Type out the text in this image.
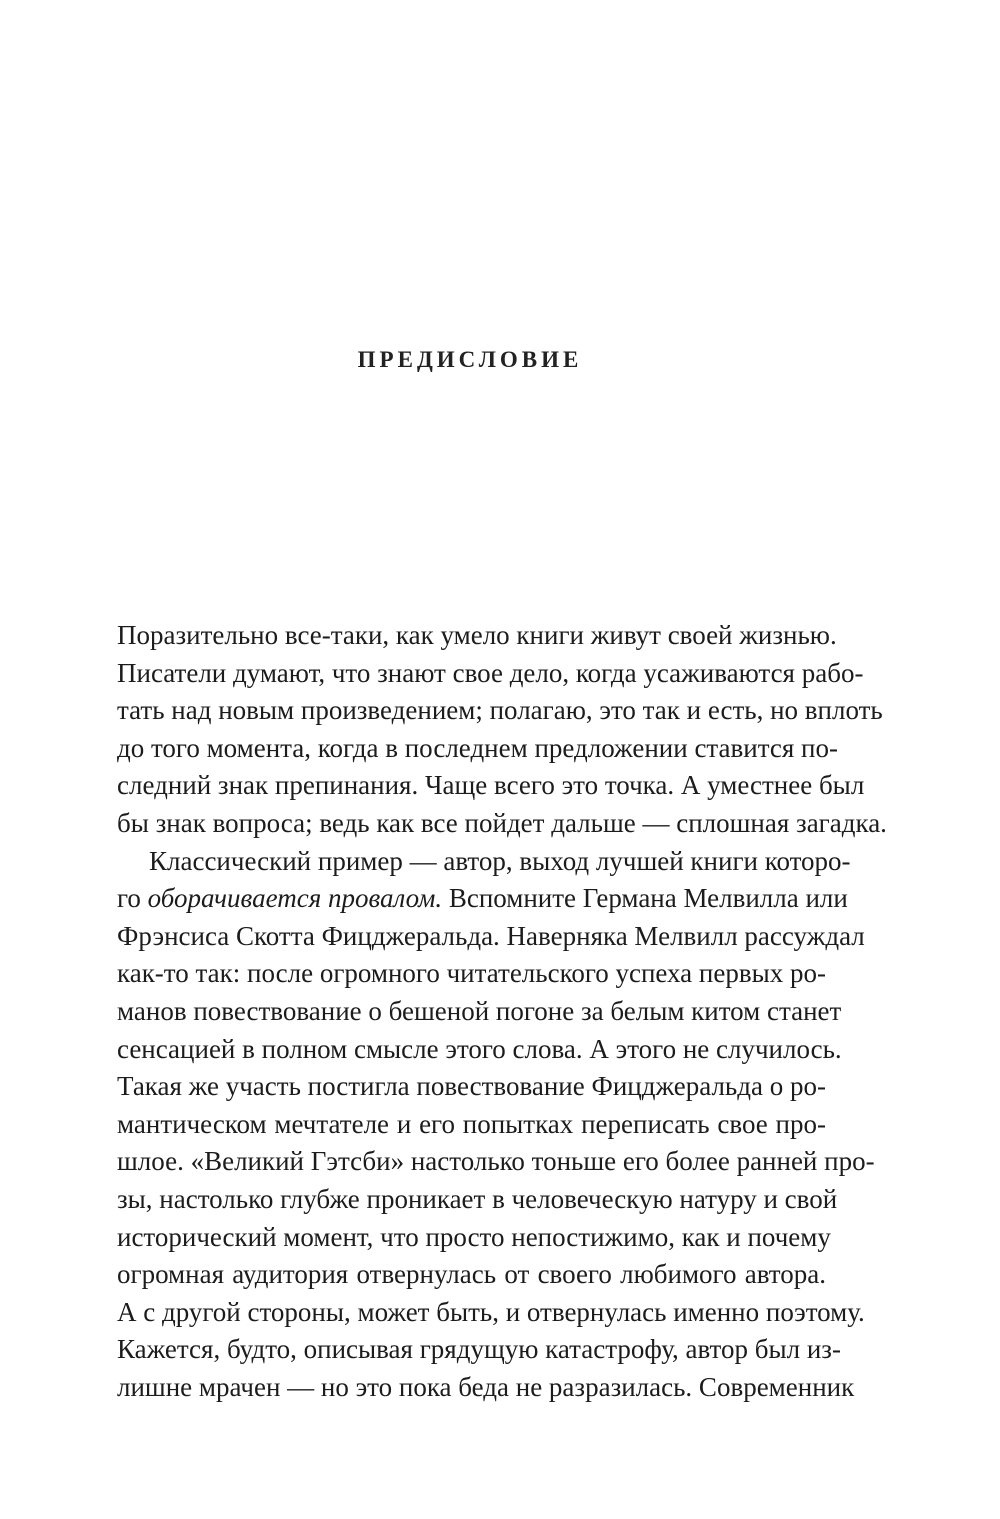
ПРЕДИСЛОВИЕ
Поразительно все-таки, как умело книги живут своей жизнью.
Писатели думают, что знают свое дело, когда усаживаются рабо-
тать над новым произведением; полагаю, это так и есть, но вплоть
до того момента, когда в последнем предложении ставится по-
следний знак препинания. Чаще всего это точка. А уместнее был
бы знак вопроса; ведь как все пойдет дальше — сплошная загадка.
Классический пример — автор, выход лучшей книги которо-
го оборачивается провалом. Вспомните Германа Мелвилла или
Фрэнсиса Скотта Фицджеральда. Наверняка Мелвилл рассуждал
как-то так: после огромного читательского успеха первых ро-
манов повествование о бешеной погоне за белым китом станет
сенсацией в полном смысле этого слова. А этого не случилось.
Такая же участь постигла повествование Фицджеральда о ро-
мантическом мечтателе и его попытках переписать свое про-
шлое. «Великий Гэтсби» настолько тоньше его более ранней про-
зы, настолько глубже проникает в человеческую натуру и свой
исторический момент, что просто непостижимо, как и почему
огромная аудитория отвернулась от своего любимого автора.
А с другой стороны, может быть, и отвернулась именно поэтому.
Кажется, будто, описывая грядущую катастрофу, автор был из-
лишне мрачен — но это пока беда не разразилась. Современник
